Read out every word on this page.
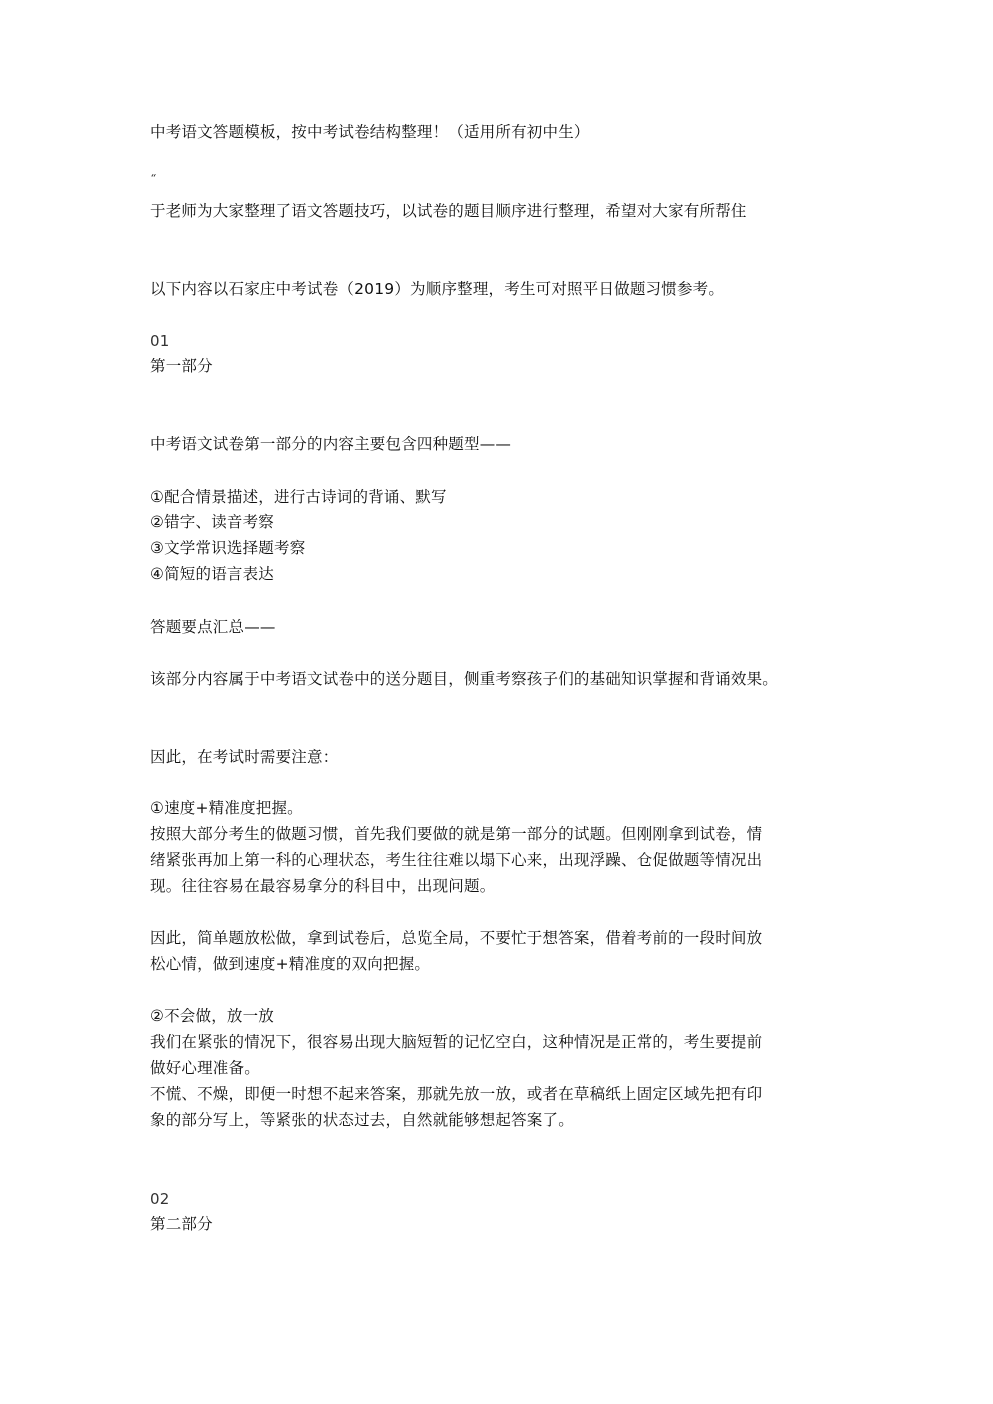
中考语文答题模板，按中考试卷结构整理！（适用所有初中生）
“
于老师为大家整理了语文答题技巧，以试卷的题目顺序进行整理，希望对大家有所帮住
以下内容以石家庄中考试卷（2019）为顺序整理，考生可对照平日做题习惯参考。
01
第一部分
中考语文试卷第一部分的内容主要包含四种题型——
①配合情景描述，进行古诗词的背诵、默写
②错字、读音考察
③文学常识选择题考察
④简短的语言表达
答题要点汇总——
该部分内容属于中考语文试卷中的送分题目，侧重考察孩子们的基础知识掌握和背诵效果。
因此，在考试时需要注意：
①速度+精准度把握。
按照大部分考生的做题习惯，首先我们要做的就是第一部分的试题。但刚刚拿到试卷，情
绪紧张再加上第一科的心理状态，考生往往难以塌下心来，出现浮躁、仓促做题等情况出
现。往往容易在最容易拿分的科目中，出现问题。
因此，简单题放松做，拿到试卷后，总览全局，不要忙于想答案，借着考前的一段时间放
松心情，做到速度+精准度的双向把握。
②不会做，放一放
我们在紧张的情况下，很容易出现大脑短暂的记忆空白，这种情况是正常的，考生要提前
做好心理准备。
不慌、不燥，即便一时想不起来答案，那就先放一放，或者在草稿纸上固定区域先把有印
象的部分写上，等紧张的状态过去，自然就能够想起答案了。
02
第二部分
